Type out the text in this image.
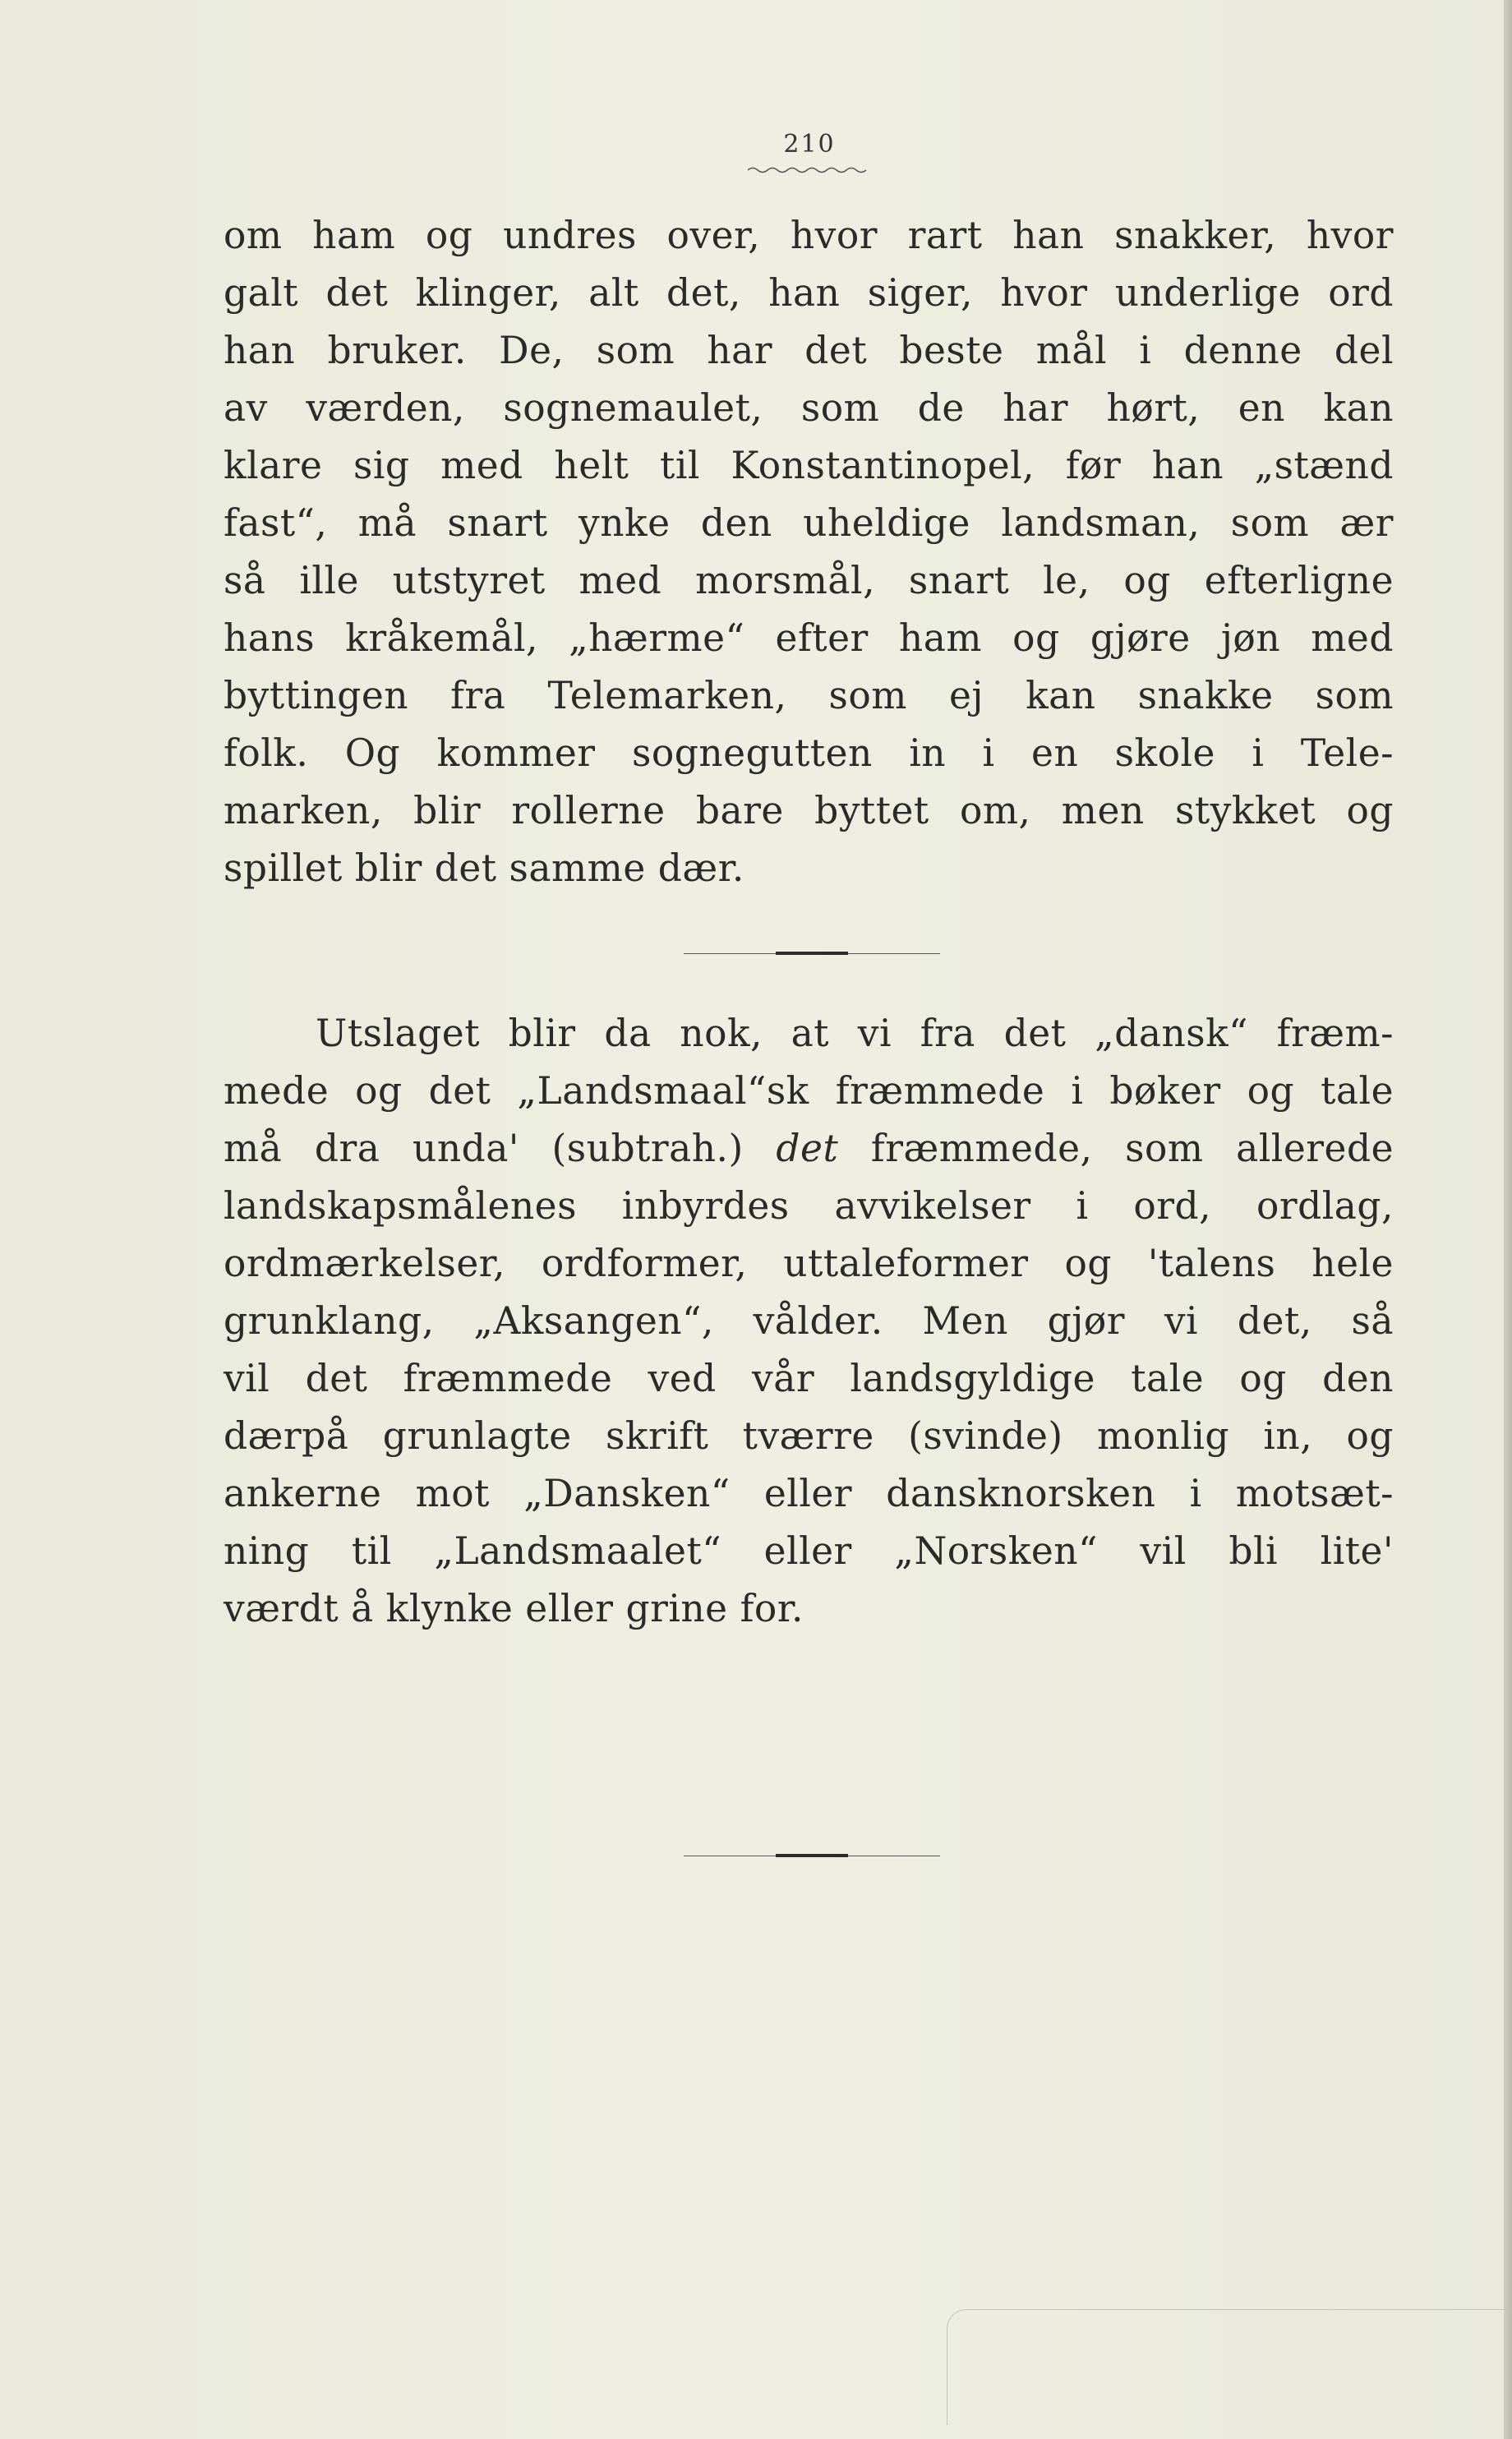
210
om ham og undres over, hvor rart han snakker, hvor
galt det klinger, alt det, han siger, hvor underlige ord
han bruker. De, som har det beste mål i denne del
av værden, sognemaulet, som de har hørt, en kan
klare sig med helt til Konstantinopel, før han „stænd
fast“, må snart ynke den uheldige landsman, som ær
så ille utstyret med morsmål, snart le, og efterligne
hans kråkemål, „hærme“ efter ham og gjøre jøn med
byttingen fra Telemarken, som ej kan snakke som
folk. Og kommer sognegutten in i en skole i Tele-
marken, blir rollerne bare byttet om, men stykket og
spillet blir det samme dær.
Utslaget blir da nok, at vi fra det „dansk“ fræm-
mede og det „Landsmaal“sk fræmmede i bøker og tale
må dra unda' (subtrah.) det fræmmede, som allerede
landskapsmålenes inbyrdes avvikelser i ord, ordlag,
ordmærkelser, ordformer, uttaleformer og 'talens hele
grunklang, „Aksangen“, vålder. Men gjør vi det, så
vil det fræmmede ved vår landsgyldige tale og den
dærpå grunlagte skrift tværre (svinde) monlig in, og
ankerne mot „Dansken“ eller dansknorsken i motsæt-
ning til „Landsmaalet“ eller „Norsken“ vil bli lite'
værdt å klynke eller grine for.
